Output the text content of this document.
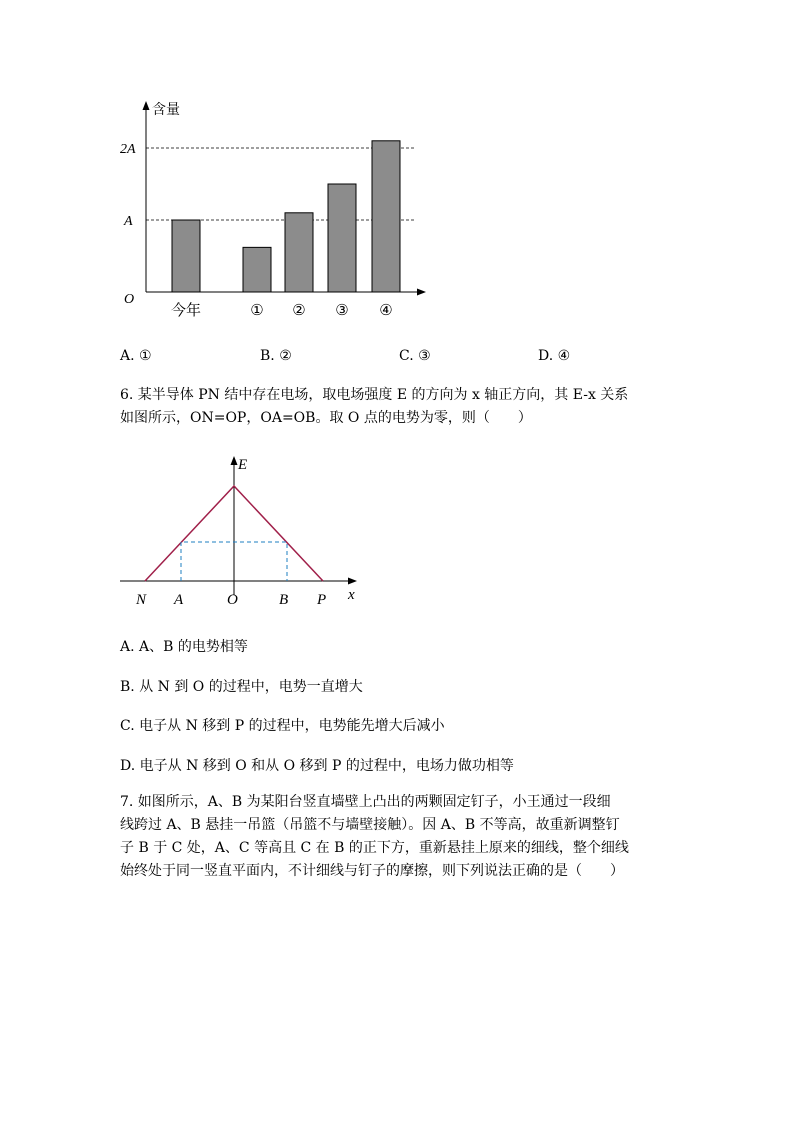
含量
2A
A
O
今年	① ② ③ ④
A. ①	B. ②	C. ③	D. ④
6. 某半导体 PN 结中存在电场，取电场强度 E 的方向为 x 轴正方向，其 E-x 关系
如图所示，ON=OP，OA=OB。取 O 点的电势为零，则（　　）
E
x
N A	O	B P
A. A、B 的电势相等
B. 从 N 到 O 的过程中，电势一直增大
C. 电子从 N 移到 P 的过程中，电势能先增大后减小
D. 电子从 N 移到 O 和从 O 移到 P 的过程中，电场力做功相等
7. 如图所示，A、B 为某阳台竖直墙壁上凸出的两颗固定钉子，小王通过一段细
线跨过 A、B 悬挂一吊篮（吊篮不与墙壁接触）。因 A、B 不等高，故重新调整钉
子 B 于 C 处，A、C 等高且 C 在 B 的正下方，重新悬挂上原来的细线，整个细线
始终处于同一竖直平面内，不计细线与钉子的摩擦，则下列说法正确的是（　　）
